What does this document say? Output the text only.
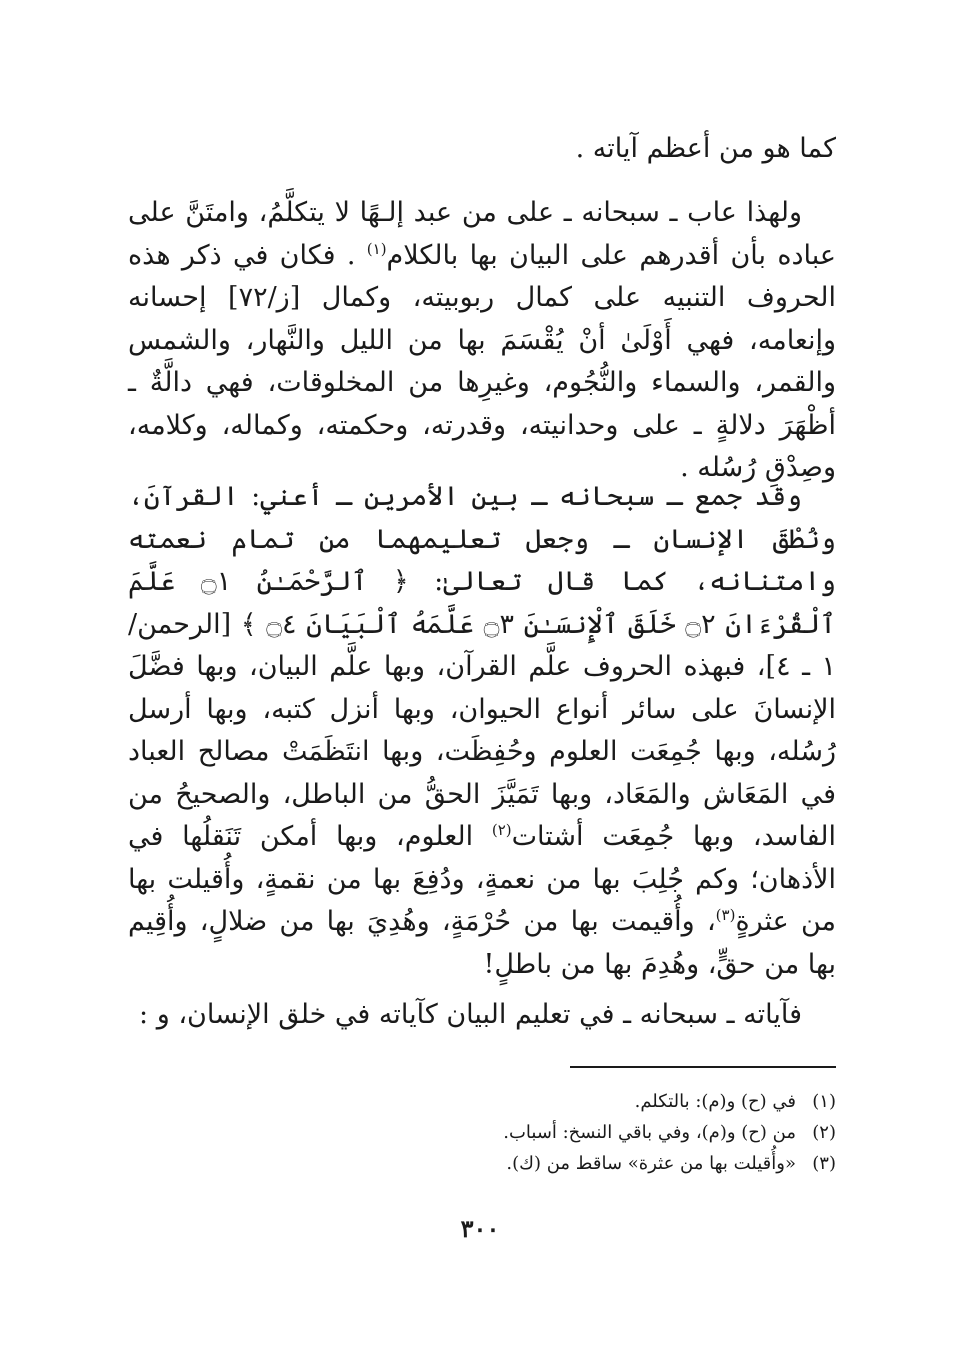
كما هو من أعظم آياته .

ولهذا عاب ـ سبحانه ـ على من عبد إلـهًا لا يتكلَّمُ، وامتَنَّ على عباده بأن أقدرهم على البيان بها بالكلام$^{(١)}$ . فكان في ذكر هذه الحروف التنبيه على كمال ربوبيته، وكمال [ز/٧٢] إحسانه وإنعامه، فهي أَوْلَىٰ أنْ يُقْسَمَ بها من الليل والنَّهار، والشمس والقمر، والسماء والنُّجُوم، وغيرِها من المخلوقات، فهي دالَّةٌ ـ أظْهَرَ دلالةٍ ـ على وحدانيته، وقدرته، وحكمته، وكماله، وكلامه، وصِدْقِ رُسُله .

وقد جمع ـ سبحانه ـ بين الأمرين ـ أعني: القرآنَ، ونُطْقَ الإنسان ـ وجعل تعليمهما من تمام نعمته وامتنانه، كما قال تعالىٰ: ﴿ ٱلرَّحْمَـٰنُ ۝١ عَلَّمَ ٱلْقُرْءَانَ ۝٢ خَلَقَ ٱلْإِنسَـٰنَ ۝٣ عَلَّمَهُ ٱلْبَيَانَ ۝٤ ﴾ [الرحمن/ ١ ـ ٤]، فبهذه الحروف علَّم القرآن، وبها علَّم البيان، وبها فضَّلَ الإنسانَ على سائر أنواع الحيوان، وبها أنزل كتبه، وبها أرسل رُسُله، وبها جُمِعَت العلوم وحُفِظَت، وبها انتَظَمَتْ مصالح العباد في المَعَاش والمَعَاد، وبها تَمَيَّزَ الحقُّ من الباطل، والصحيحُ من الفاسد، وبها جُمِعَت أشتات$^{(٢)}$ العلوم، وبها أمكن تَنَقلُها في الأذهان؛ وكم جُلِبَ بها من نعمةٍ، ودُفِعَ بها من نقمةٍ، وأُقيلت بها من عثرةٍ$^{(٣)}$، وأُقيمت بها من حُرْمَةٍ، وهُدِيَ بها من ضلالٍ، وأُقِيم بها من حقٍّ، وهُدِمَ بها من باطلٍ!

فآياته ـ سبحانه ـ في تعليم البيان كآياته في خلق الإنسان، و :

(١)
في (ح) و(م): بالتكلم.
(٢)
من (ح) و(م)، وفي باقي النسخ: أسباب.
(٣)
«وأُقيلت بها من عثرة» ساقط من (ك).
٣٠٠
